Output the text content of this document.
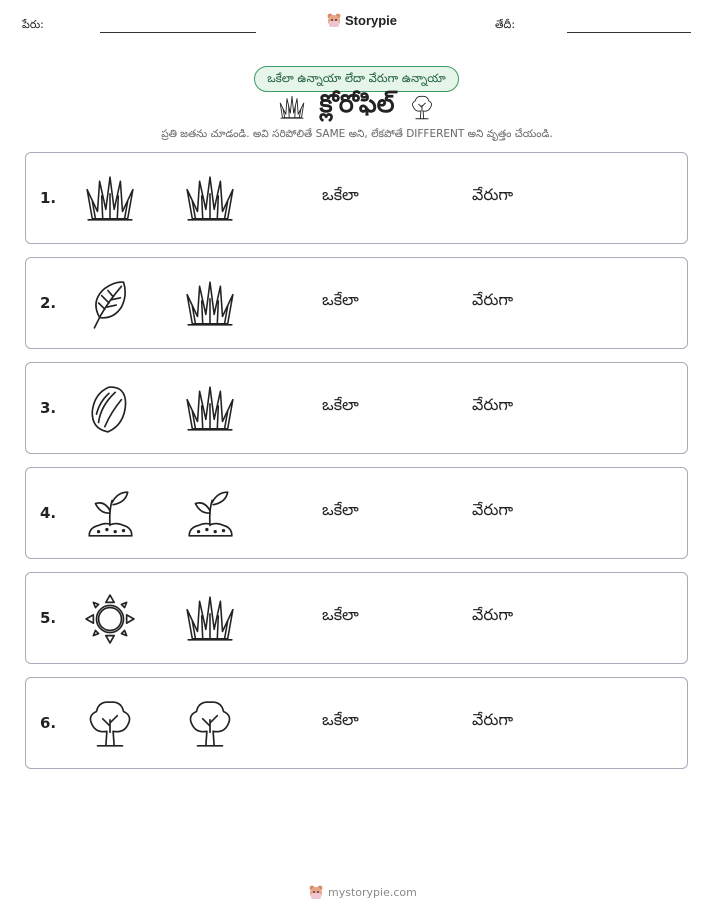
పేరు:	Storypie	తేదీ:
ఒకేలా ఉన్నాయా లేదా వేరుగా ఉన్నాయా
క్లోరోఫిల్
ప్రతి జతను చూడండి. అవి సరిపోలితే SAME అని, లేకపోతే DIFFERENT అని వృత్తం చేయండి.
1.	ఒకేలా	వేరుగా
2.	ఒకేలా	వేరుగా
3.	ఒకేలా	వేరుగా
4.	ఒకేలా	వేరుగా
5.	ఒకేలా	వేరుగా
6.	ఒకేలా	వేరుగా
mystorypie.com
